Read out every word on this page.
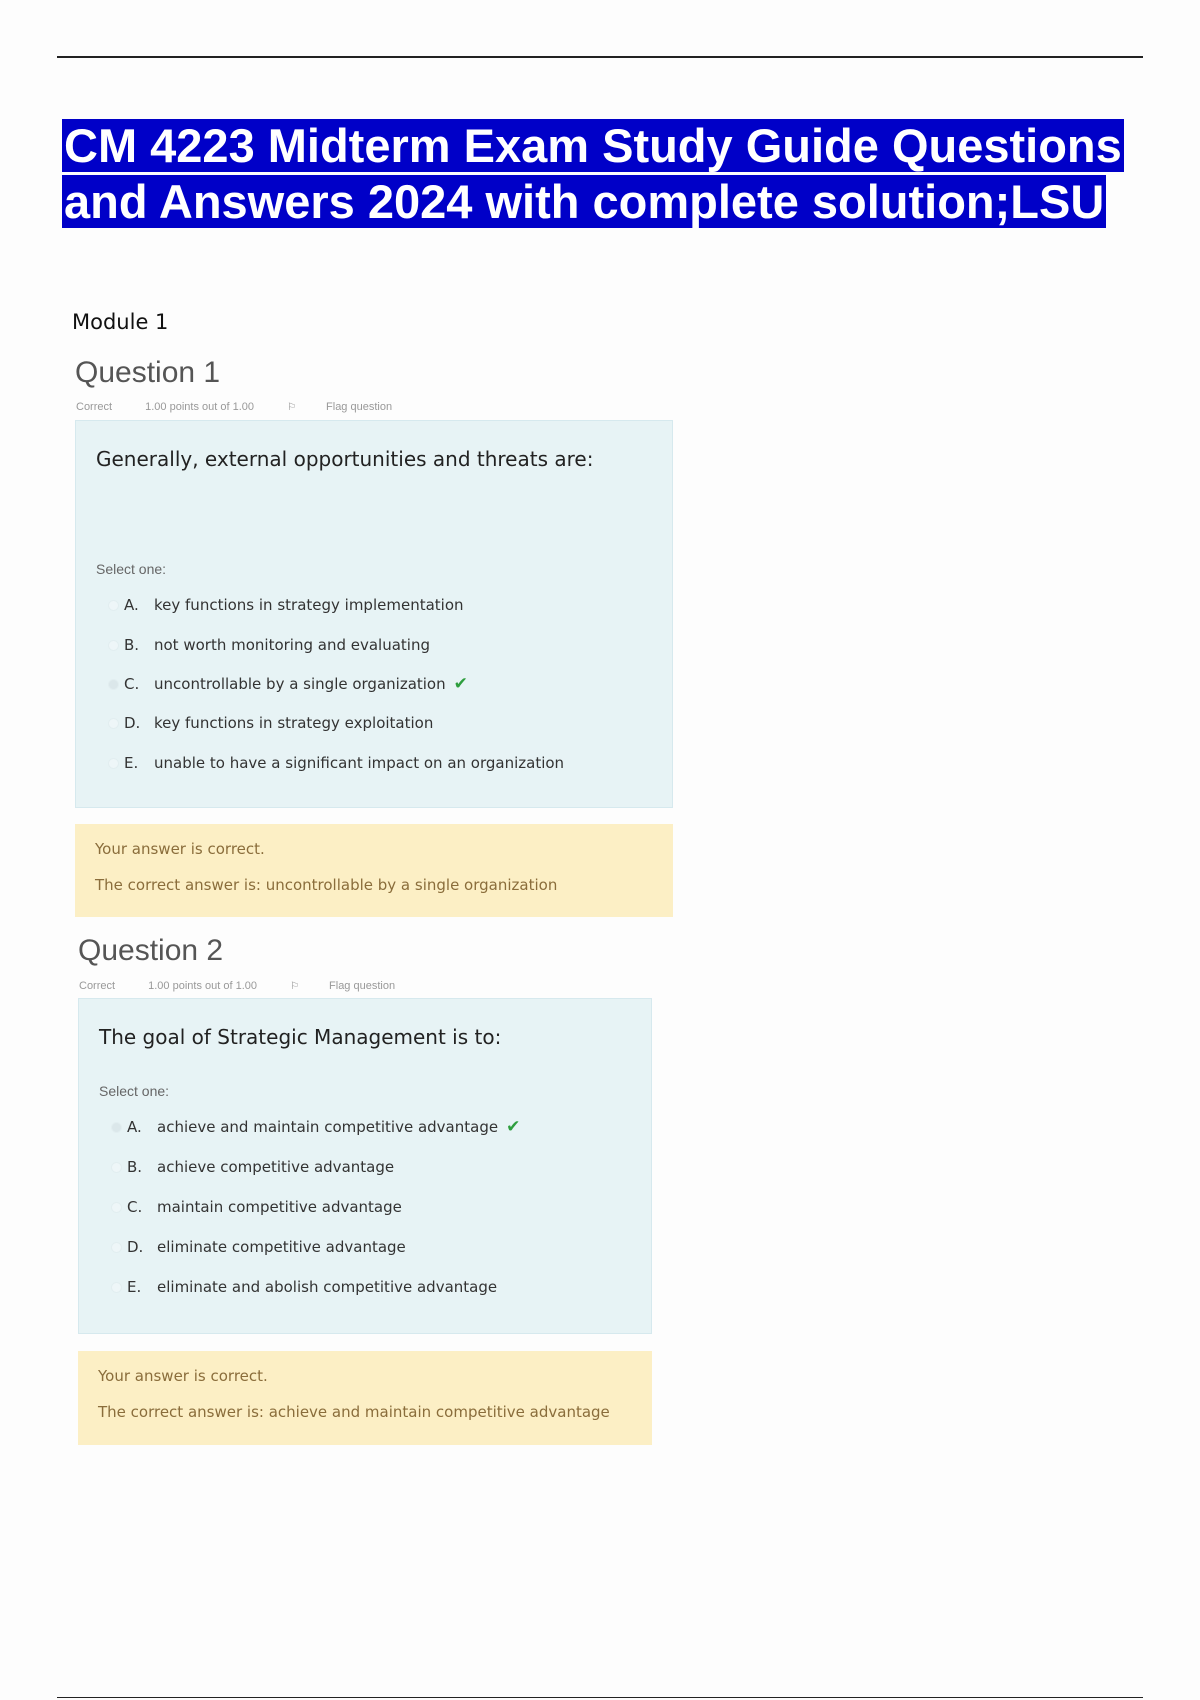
CM 4223 Midterm Exam Study Guide Questions
and Answers 2024 with complete solution;LSU
Module 1
Question 1
Correct	1.00 points out of 1.00	⚐	Flag question
Generally, external opportunities and threats are:
Select one:
A.	key functions in strategy implementation
B. not worth monitoring and evaluating
C. uncontrollable by a single organization ✔
D. key functions in strategy exploitation
E.	unable to have a significant impact on an organization
Your answer is correct.
The correct answer is: uncontrollable by a single organization
Question 2
Correct	1.00 points out of 1.00	⚐	Flag question
The goal of Strategic Management is to:
Select one:
A.	achieve and maintain competitive advantage ✔
B. achieve competitive advantage
C. maintain competitive advantage
D. eliminate competitive advantage
E.	eliminate and abolish competitive advantage
Your answer is correct.
The correct answer is: achieve and maintain competitive advantage
